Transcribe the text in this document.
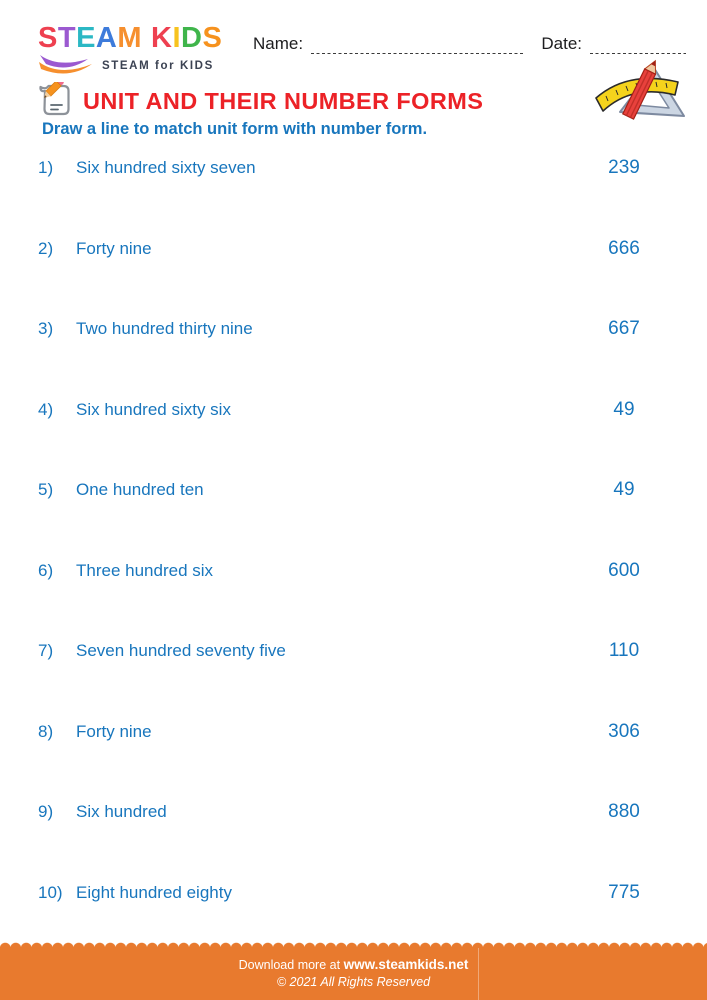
STEAM KIDS
STEAM for KIDS
Name:	Date:
UNIT AND THEIR NUMBER FORMS
Draw a line to match unit form with number form.
1)	Six hundred sixty seven	239
2)	Forty nine	666
3)	Two hundred thirty nine	667
4)	Six hundred sixty six	49
5)	One hundred ten	49
6)	Three hundred six	600
7)	Seven hundred seventy five	110
8)	Forty nine	306
9)	Six hundred	880
10) Eight hundred eighty	775
Download more at www.steamkids.net
© 2021 All Rights Reserved
